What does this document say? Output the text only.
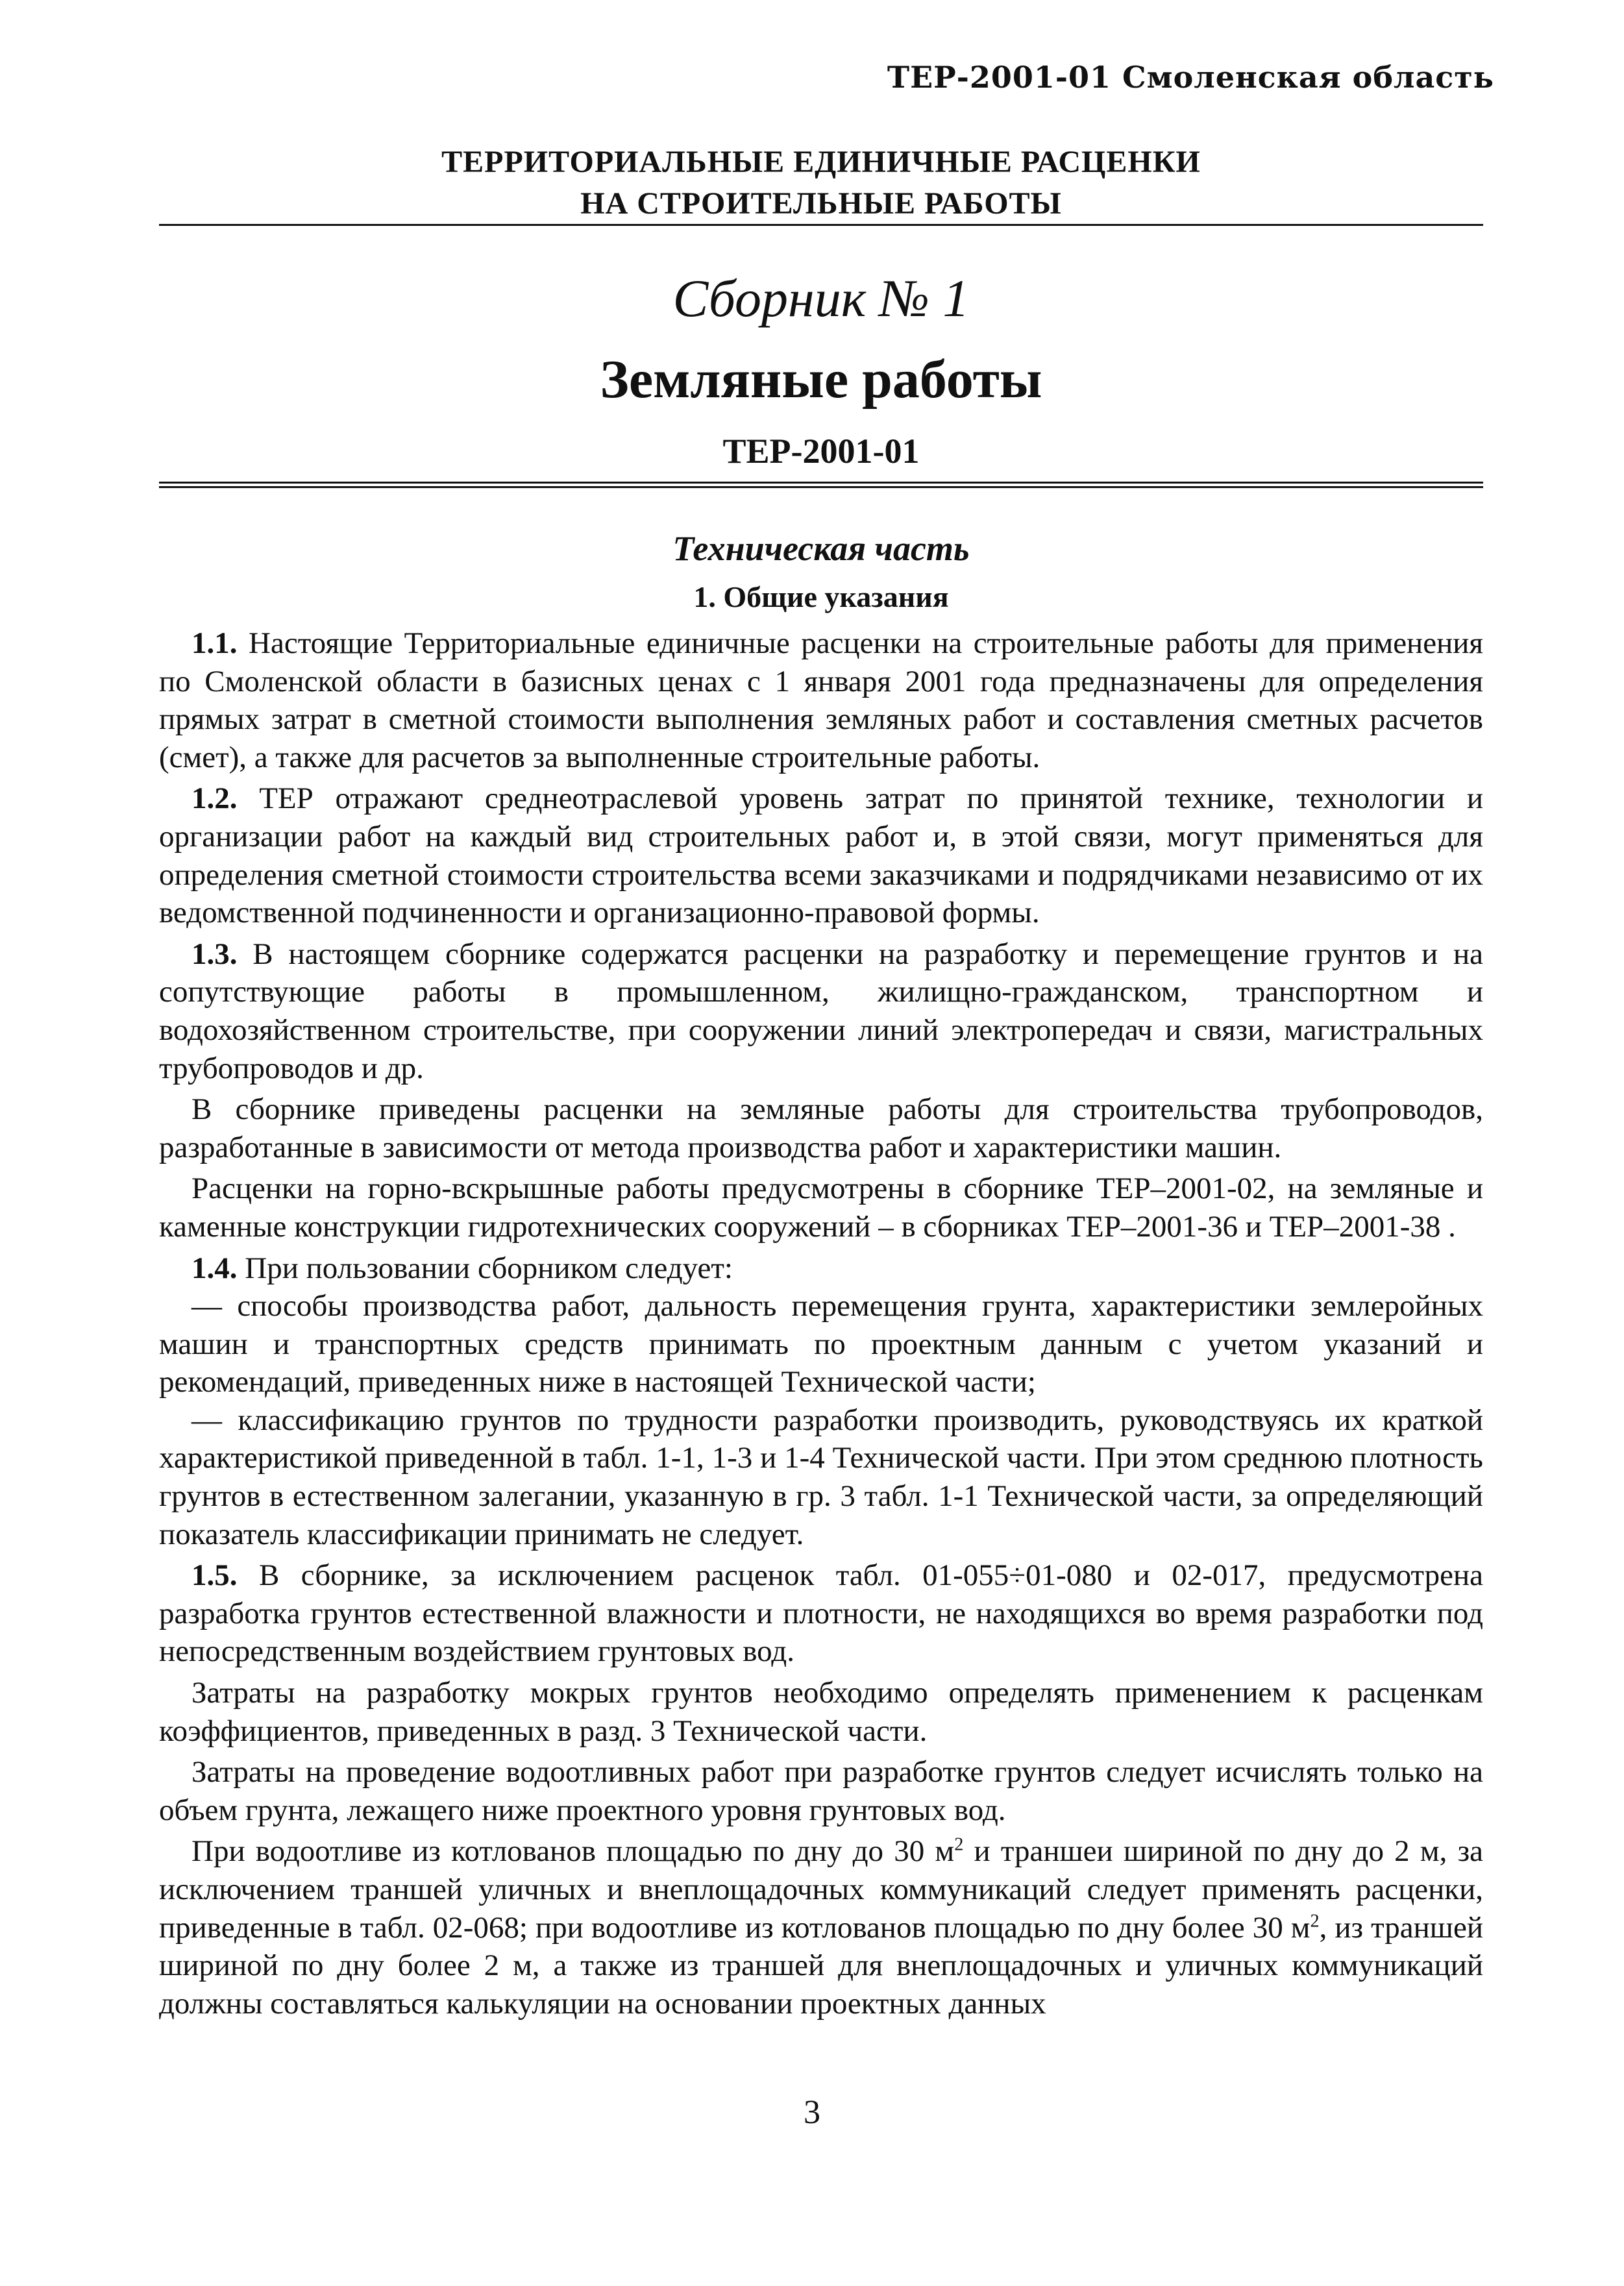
ТЕР-2001-01 Смоленская область
ТЕРРИТОРИАЛЬНЫЕ ЕДИНИЧНЫЕ РАСЦЕНКИ
НА СТРОИТЕЛЬНЫЕ РАБОТЫ
Сборник № 1
Земляные работы
ТЕР-2001-01
Техническая часть
1. Общие указания

1.1. Настоящие Территориальные единичные расценки на строительные работы для применения по Смоленской области в базисных ценах с 1 января 2001 года предназначены для определения прямых затрат в сметной стоимости выполнения земляных работ и составления сметных расчетов (смет), а также для расчетов за выполненные строительные работы.

1.2. ТЕР отражают среднеотраслевой уровень затрат по принятой технике, технологии и организации работ на каждый вид строительных работ и, в этой связи, могут применяться для определения сметной стоимости строительства всеми заказчиками и подрядчиками независимо от их ведомственной подчиненности и организационно-правовой формы.

1.3. В настоящем сборнике содержатся расценки на разработку и перемещение грунтов и на сопутствующие работы в промышленном, жилищно-гражданском, транспортном и водохозяйственном строительстве, при сооружении линий электропередач и связи, магистральных трубопроводов и др.

В сборнике приведены расценки на земляные работы для строительства трубопроводов, разработанные в зависимости от метода производства работ и характеристики машин.

Расценки на горно-вскрышные работы предусмотрены в сборнике ТЕР–2001-02, на земляные и каменные конструкции гидротехнических сооружений – в сборниках ТЕР–2001-36 и ТЕР–2001-38 .

1.4. При пользовании сборником следует:

— способы производства работ, дальность перемещения грунта, характеристики землеройных машин и транспортных средств принимать по проектным данным с учетом указаний и рекомендаций, приведенных ниже в настоящей Технической части;

— классификацию грунтов по трудности разработки производить, руководствуясь их краткой характеристикой приведенной в табл. 1-1, 1-3 и 1-4 Технической части. При этом среднюю плотность грунтов в естественном залегании, указанную в гр. 3 табл. 1-1 Технической части, за определяющий показатель классификации принимать не следует.

1.5. В сборнике, за исключением расценок табл. 01-055÷01-080 и 02-017, предусмотрена разработка грунтов естественной влажности и плотности, не находящихся во время разработки под непосредственным воздействием грунтовых вод.

Затраты на разработку мокрых грунтов необходимо определять применением к расценкам коэффициентов, приведенных в разд. 3 Технической части.

Затраты на проведение водоотливных работ при разработке грунтов следует исчислять только на объем грунта, лежащего ниже проектного уровня грунтовых вод.

При водоотливе из котлованов площадью по дну до 30 $м^2$ и траншеи шириной по дну до 2 м, за исключением траншей уличных и внеплощадочных коммуникаций следует применять расценки, приведенные в табл. 02-068; при водоотливе из котлованов площадью по дну более 30 $м^2$, из траншей шириной по дну более 2 м, а также из траншей для внеплощадочных и уличных коммуникаций должны составляться калькуляции на основании проектных данных

3
